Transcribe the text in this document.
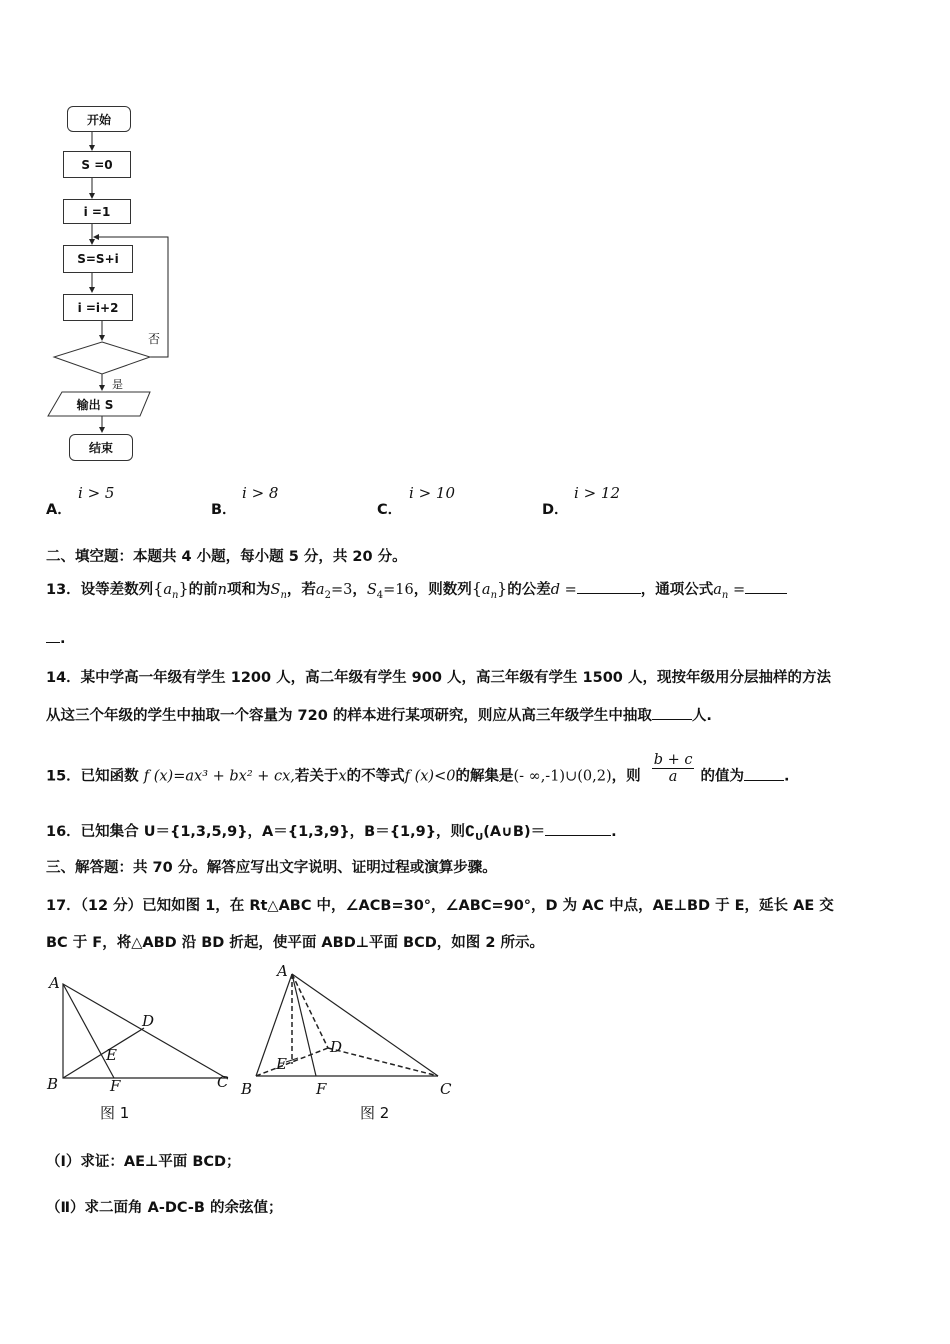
开始
S =0
i =1
S=S+i
i =i+2
否
是
输出 S
结束
A．
i > 5
B．
i > 8
C．
i > 10
D．
i > 12
二、填空题：本题共 4 小题，每小题 5 分，共 20 分。
13．设等差数列$\{a_n\}$的前n项和为$S_n$，若$a_2=3$，$S_4=16$，则数列$\{a_n\}$的公差d =	，通项公式$a_n$ =
.
14．某中学高一年级有学生 1200 人，高二年级有学生 900 人，高三年级有学生 1500 人，现按年级用分层抽样的方法
从这三个年级的学生中抽取一个容量为 720 的样本进行某项研究，则应从高三年级学生中抽取	人.
15．已知函数 f (x)=ax³ + bx² + cx,若关于x的不等式f (x)<0的解集是(- ∞,-1)∪(0,2)，则 $\frac{b + c}{a}$ 的值为	.
16．已知集合 U＝{1,3,5,9}，A＝{1,3,9}，B＝{1,9}，则$∁_U(A\cup B)=$	.
三、解答题：共 70 分。解答应写出文字说明、证明过程或演算步骤。
17．（12 分）已知如图 1，在 Rt△ABC 中，∠ACB=30°，∠ABC=90°，D 为 AC 中点，AE⊥BD 于 E，延长 AE 交
BC 于 F，将△ABD 沿 BD 折起，使平面 ABD⊥平面 BCD，如图 2 所示。
A
B	C
D
E
F
图 1
A
B	C
D
E
F
图 2
（Ⅰ）求证：AE⊥平面 BCD；
（Ⅱ）求二面角 A-DC-B 的余弦值；
